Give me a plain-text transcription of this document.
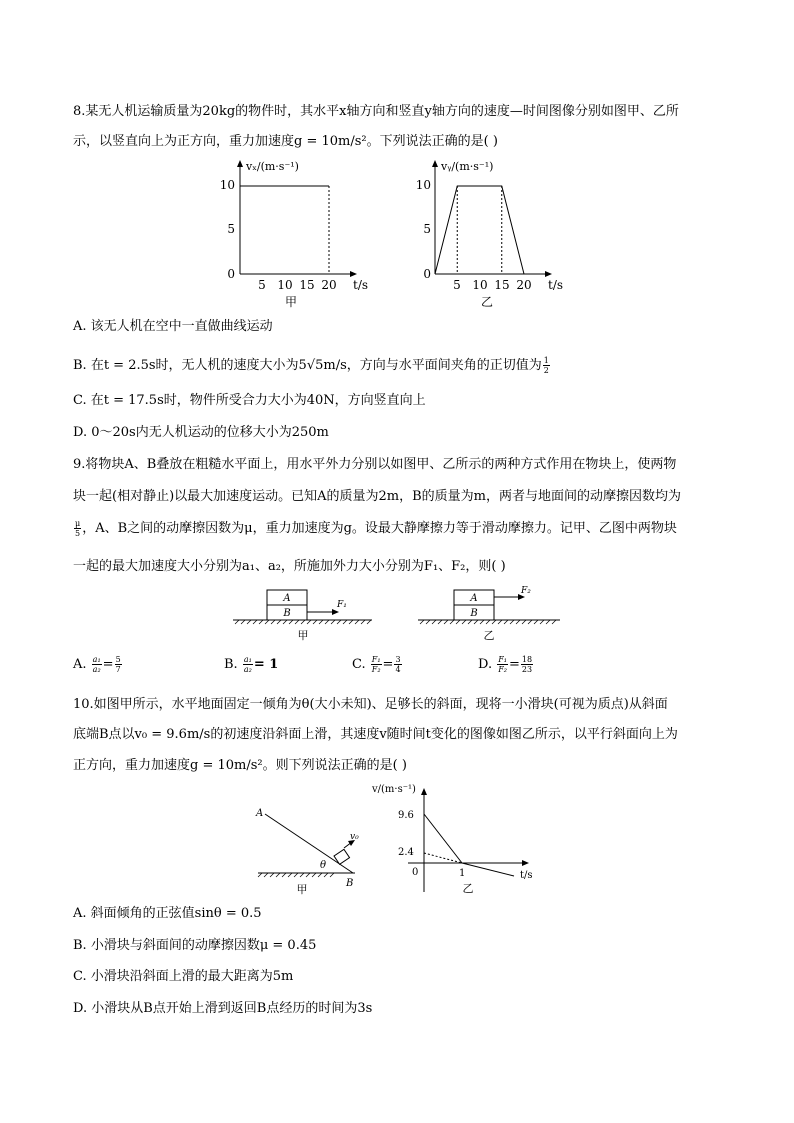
8.某无人机运输质量为20kg的物件时，其水平x轴方向和竖直y轴方向的速度—时间图像分别如图甲、乙所
示，以竖直向上为正方向，重力加速度g = 10m/s²。下列说法正确的是( )
vₓ/(m·s⁻¹)
10
5
0
5 10 15 20 t/s
甲
vᵧ/(m·s⁻¹)
10
5
0
5 10 15 20 t/s
乙
A. 该无人机在空中一直做曲线运动
B. 在t = 2.5s时，无人机的速度大小为5√5m/s，方向与水平面间夹角的正切值为 $\frac{1}{2}$
C. 在t = 17.5s时，物件所受合力大小为40N，方向竖直向上
D. 0～20s内无人机运动的位移大小为250m
9.将物块A、B叠放在粗糙水平面上，用水平外力分别以如图甲、乙所示的两种方式作用在物块上，使两物
块一起(相对静止)以最大加速度运动。已知A的质量为2m，B的质量为m，两者与地面间的动摩擦因数均为
$\frac{\mu}{5}$ ，A、B之间的动摩擦因数为μ，重力加速度为g。设最大静摩擦力等于滑动摩擦力。记甲、乙图中两物块
一起的最大加速度大小分别为a₁、a₂，所施加外力大小分别为F₁、F₂，则( )
A
B
F₁
甲
A
B
F₂
乙
A. $\frac{\text{a₁}}{\text{a₂}} = \frac{5}{7}$	B. $\frac{\text{a₁}}{\text{a₂}} = 1$	C. $\frac{\text{F₁}}{\text{F₂}} = \frac{3}{4}$	D. $\frac{\text{F₁}}{\text{F₂}} = \frac{18}{23}$
10.如图甲所示，水平地面固定一倾角为θ(大小未知)、足够长的斜面，现将一小滑块(可视为质点)从斜面
底端B点以v₀ = 9.6m/s的初速度沿斜面上滑，其速度v随时间t变化的图像如图乙所示，以平行斜面向上为
正方向，重力加速度g = 10m/s²。则下列说法正确的是( )
v₀
A
B
θ
甲
v/(m·s⁻¹)
9.6
2.4
0	1	t/s
乙
A. 斜面倾角的正弦值sinθ = 0.5
B. 小滑块与斜面间的动摩擦因数μ = 0.45
C. 小滑块沿斜面上滑的最大距离为5m
D. 小滑块从B点开始上滑到返回B点经历的时间为3s
